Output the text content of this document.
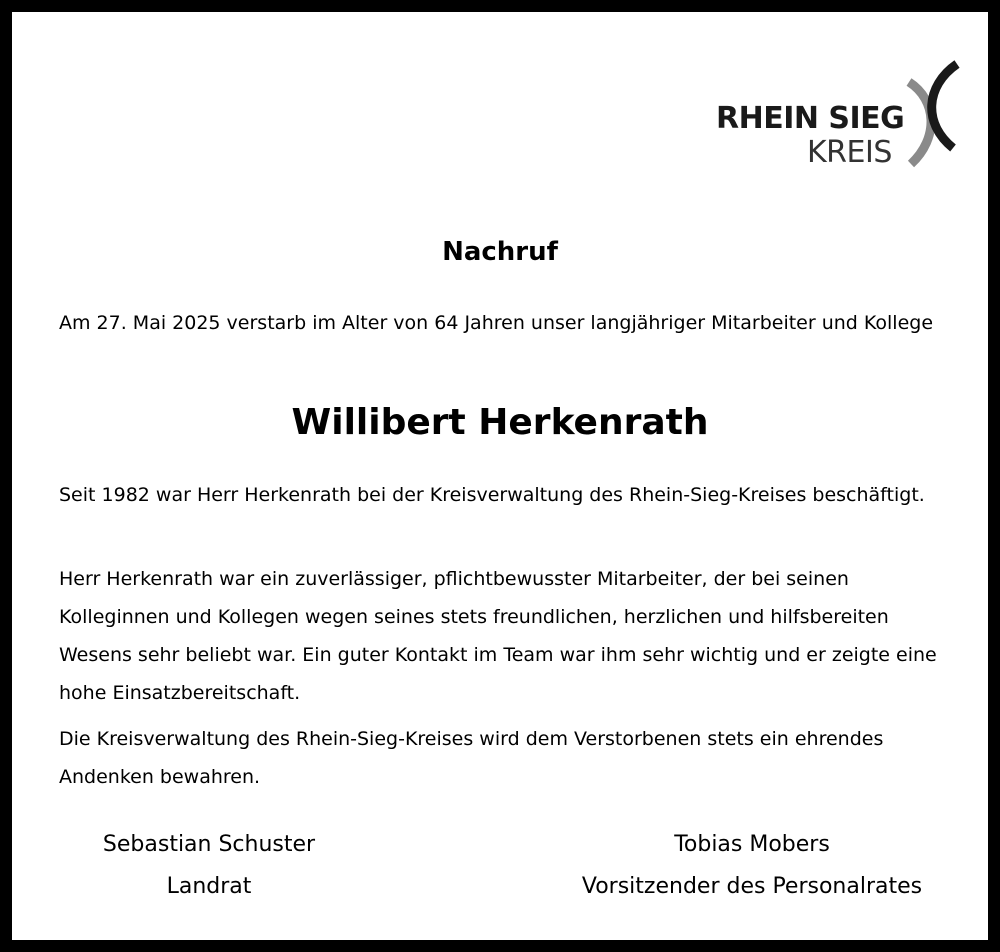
RHEIN SIEG
KREIS
Nachruf

Am 27. Mai 2025 verstarb im Alter von 64 Jahren unser langjähriger Mitarbeiter und Kollege

Willibert Herkenrath

Seit 1982 war Herr Herkenrath bei der Kreisverwaltung des Rhein-Sieg-Kreises beschäftigt.

Herr Herkenrath war ein zuverlässiger, pflichtbewusster Mitarbeiter, der bei seinen Kolleginnen und Kollegen wegen seines stets freundlichen, herzlichen und hilfsbereiten Wesens sehr beliebt war. Ein guter Kontakt im Team war ihm sehr wichtig und er zeigte eine hohe Einsatzbereitschaft.

Die Kreisverwaltung des Rhein-Sieg-Kreises wird dem Verstorbenen stets ein ehrendes Andenken bewahren.

Sebastian Schuster
Landrat
Tobias Mobers
Vorsitzender des Personalrates
